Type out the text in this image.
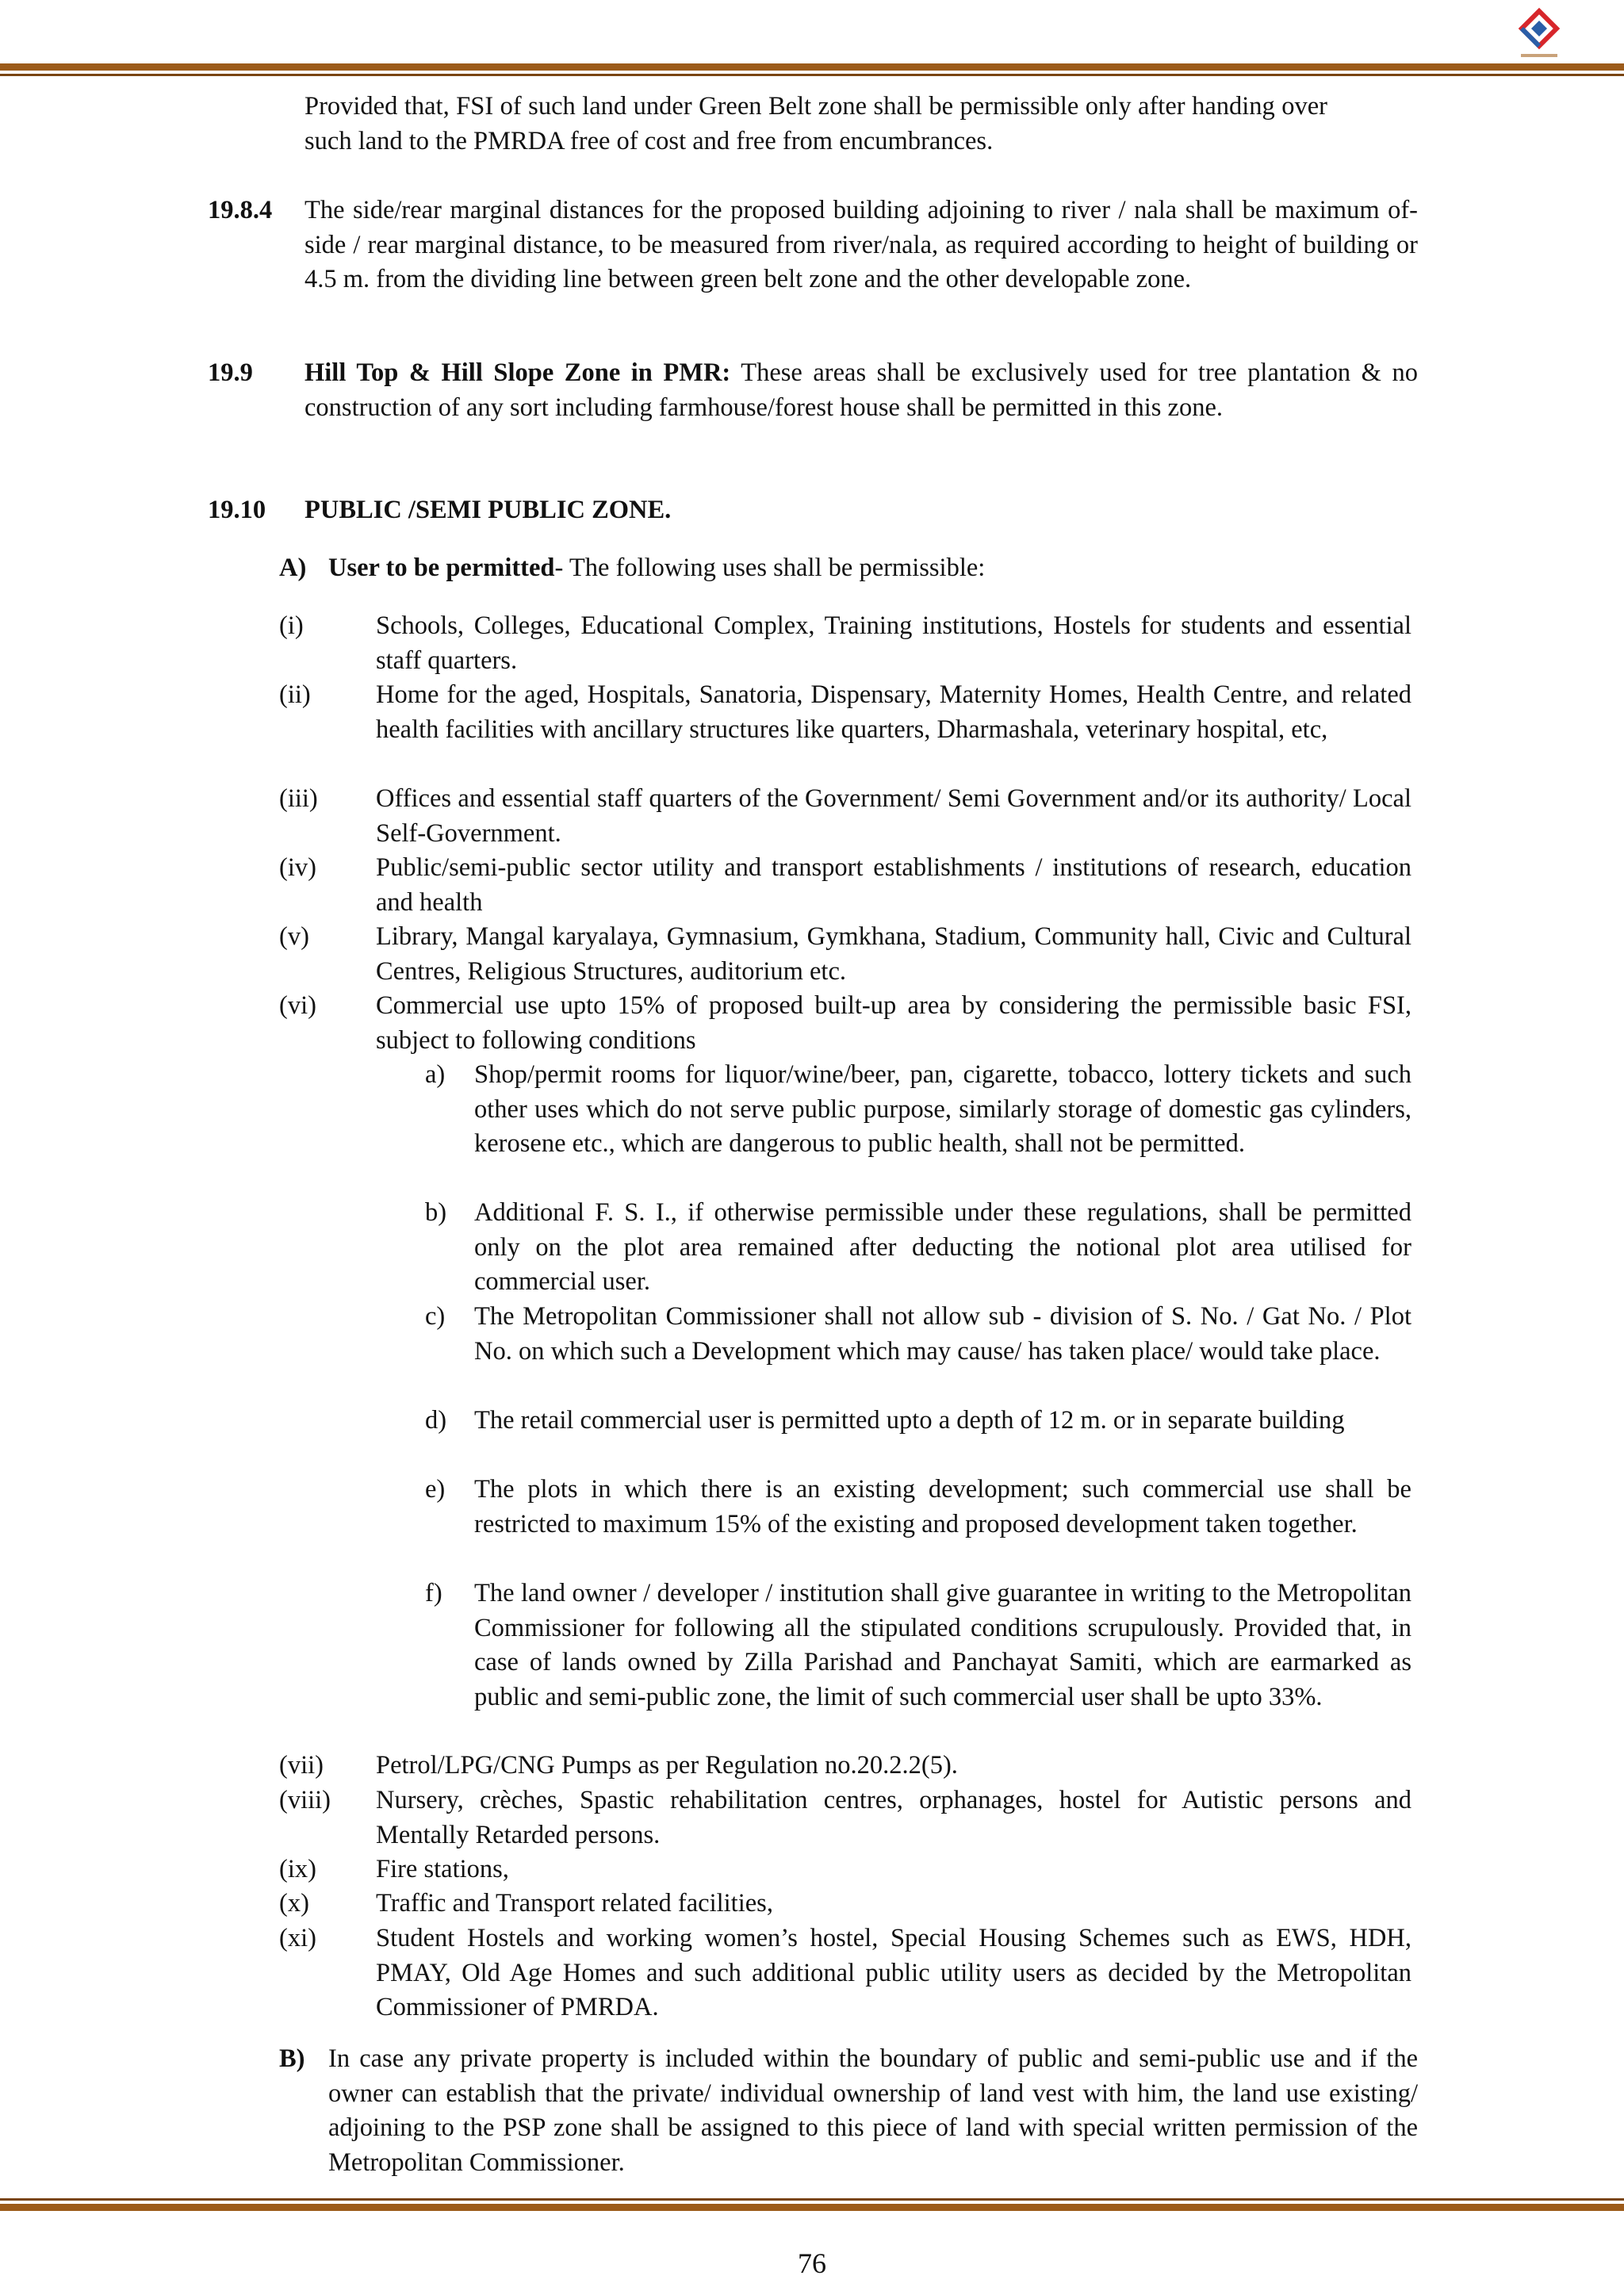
Provided that, FSI of such land under Green Belt zone shall be permissible only after handing over such land to the PMRDA free of cost and free from encumbrances.

19.8.4 The side/rear marginal distances for the proposed building adjoining to river / nala shall be maximum of-side / rear marginal distance, to be measured from river/nala, as required according to height of building or 4.5 m. from the dividing line between green belt zone and the other developable zone.

19.9 Hill Top & Hill Slope Zone in PMR: These areas shall be exclusively used for tree plantation & no construction of any sort including farmhouse/forest house shall be permitted in this zone.

19.10 PUBLIC /SEMI PUBLIC ZONE.
A) User to be permitted- The following uses shall be permissible:

(i)	Schools, Colleges, Educational Complex, Training institutions, Hostels for students and essential staff quarters.

(ii)	Home for the aged, Hospitals, Sanatoria, Dispensary, Maternity Homes, Health Centre, and related health facilities with ancillary structures like quarters, Dharmashala, veterinary hospital, etc,

(iii) Offices and essential staff quarters of the Government/ Semi Government and/or its authority/ Local Self-Government.

(iv) Public/semi-public sector utility and transport establishments / institutions of research, education and health

(v)	Library, Mangal karyalaya, Gymnasium, Gymkhana, Stadium, Community hall, Civic and Cultural Centres, Religious Structures, auditorium etc.

(vi) Commercial use upto 15% of proposed built-up area by considering the permissible basic FSI, subject to following conditions

a) Shop/permit rooms for liquor/wine/beer, pan, cigarette, tobacco, lottery tickets and such other uses which do not serve public purpose, similarly storage of domestic gas cylinders, kerosene etc., which are dangerous to public health, shall not be permitted.

b) Additional F. S. I., if otherwise permissible under these regulations, shall be permitted only on the plot area remained after deducting the notional plot area utilised for commercial user.

c) The Metropolitan Commissioner shall not allow sub - division of S. No. / Gat No. / Plot No. on which such a Development which may cause/ has taken place/ would take place.

d) The retail commercial user is permitted upto a depth of 12 m. or in separate building

e) The plots in which there is an existing development; such commercial use shall be restricted to maximum 15% of the existing and proposed development taken together.

f) The land owner / developer / institution shall give guarantee in writing to the Metropolitan Commissioner for following all the stipulated conditions scrupulously. Provided that, in case of lands owned by Zilla Parishad and Panchayat Samiti, which are earmarked as public and semi-public zone, the limit of such commercial user shall be upto 33%.

(vii) Petrol/LPG/CNG Pumps as per Regulation no.20.2.2(5).

(viii) Nursery, crèches, Spastic rehabilitation centres, orphanages, hostel for Autistic persons and Mentally Retarded persons.

(ix) Fire stations,

(x)	Traffic and Transport related facilities,

(xi) Student Hostels and working women’s hostel, Special Housing Schemes such as EWS, HDH, PMAY, Old Age Homes and such additional public utility users as decided by the Metropolitan Commissioner of PMRDA.

B) In case any private property is included within the boundary of public and semi-public use and if the owner can establish that the private/ individual ownership of land vest with him, the land use existing/ adjoining to the PSP zone shall be assigned to this piece of land with special written permission of the Metropolitan Commissioner.

76
